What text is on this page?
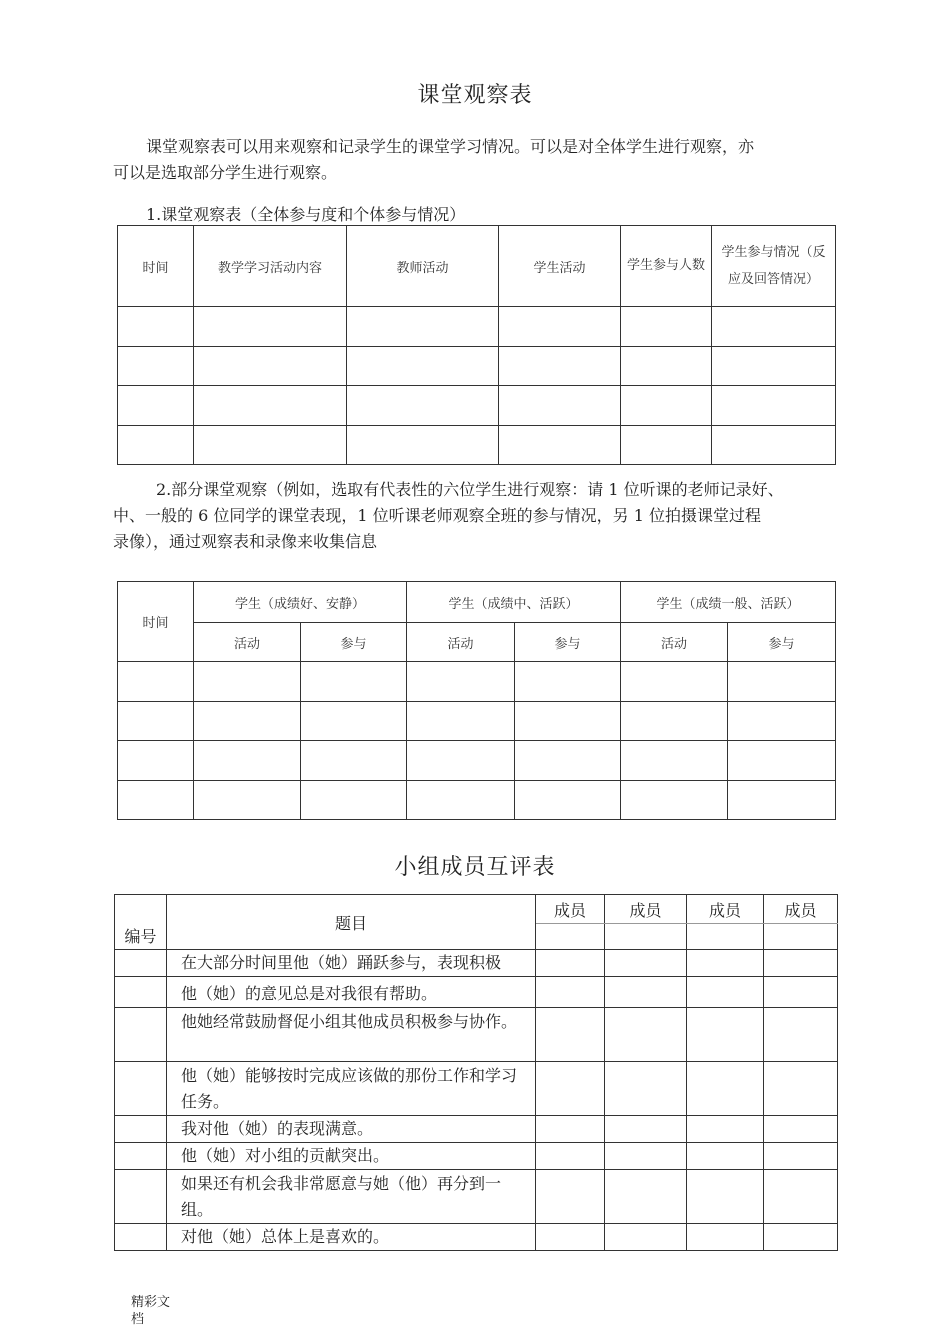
课堂观察表
课堂观察表可以用来观察和记录学生的课堂学习情况。可以是对全体学生进行观察，亦
可以是选取部分学生进行观察。
1.课堂观察表（全体参与度和个体参与情况）
时间	教学学习活动内容	教师活动	学生活动	学生参与人数	学生参与情况（反应及回答情况）

2.部分课堂观察（例如，选取有代表性的六位学生进行观察：请 1 位听课的老师记录好、
中、一般的 6 位同学的课堂表现，1 位听课老师观察全班的参与情况，另 1 位拍摄课堂过程
录像），通过观察表和录像来收集信息
时间	学生（成绩好、安静）		学生（成绩中、活跃）		学生（成绩一般、活跃）	
	活动	参与	活动	参与	活动	参与

小组成员互评表
编号	题目	成员	成员	成员	成员

	在大部分时间里他（她）踊跃参与，表现积极				

	他（她）的意见总是对我很有帮助。				
	他她经常鼓励督促小组其他成员积极参与协作。				
	他（她）能够按时完成应该做的那份工作和学习任务。				
	我对他（她）的表现满意。				
	他（她）对小组的贡献突出。				
	如果还有机会我非常愿意与她（他）再分到一组。				
	对他（她）总体上是喜欢的。				
精彩文
档
